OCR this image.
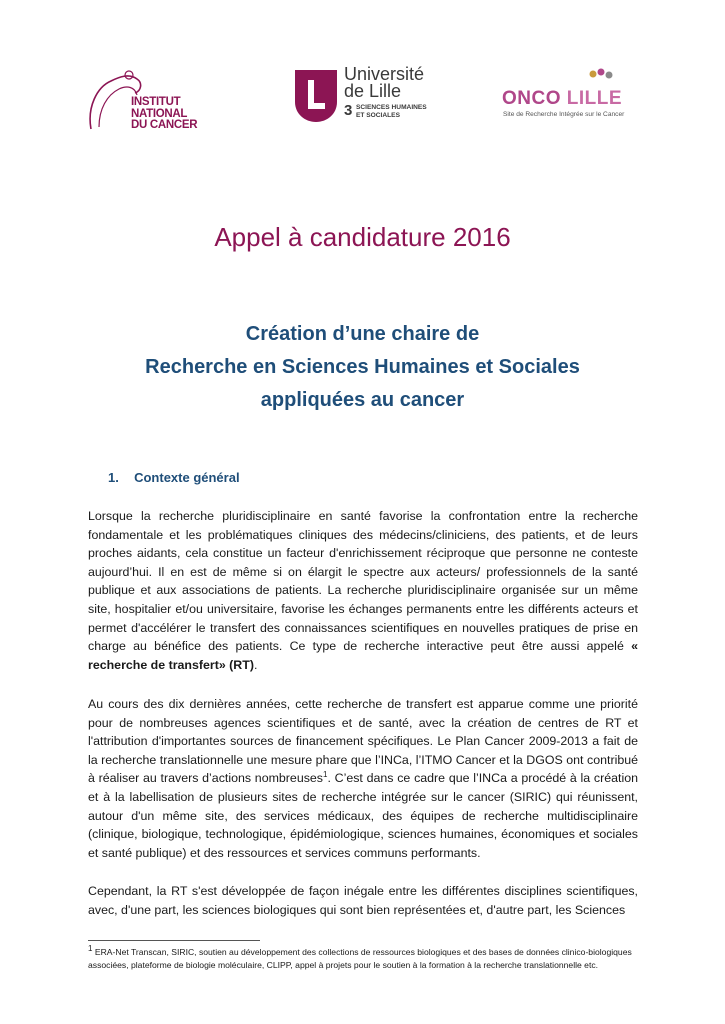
INSTITUT
NATIONAL
DU CANCER
Université
de Lille
3 SCIENCES HUMAINES
ET SOCIALES
ONCO LILLE
Site de Recherche Intégrée sur le Cancer
Appel à candidature 2016
Création d’une chaire de
Recherche en Sciences Humaines et Sociales
appliquées au cancer
1. Contexte général
Lorsque la recherche pluridisciplinaire en santé favorise la confrontation entre la recherche fondamentale et les problématiques cliniques des médecins/cliniciens, des patients, et de leurs proches aidants, cela constitue un facteur d'enrichissement réciproque que personne ne conteste aujourd’hui. Il en est de même si on élargit le spectre aux acteurs/ professionnels de la santé publique et aux associations de patients. La recherche pluridisciplinaire organisée sur un même site, hospitalier et/ou universitaire, favorise les échanges permanents entre les différents acteurs et permet d'accélérer le transfert des connaissances scientifiques en nouvelles pratiques de prise en charge au bénéfice des patients. Ce type de recherche interactive peut être aussi appelé « recherche de transfert» (RT).
Au cours des dix dernières années, cette recherche de transfert est apparue comme une priorité pour de nombreuses agences scientifiques et de santé, avec la création de centres de RT et l'attribution d'importantes sources de financement spécifiques. Le Plan Cancer 2009-2013 a fait de la recherche translationnelle une mesure phare que l’INCa, l’ITMO Cancer et la DGOS ont contribué à réaliser au travers d’actions nombreuses$^1$. C’est dans ce cadre que l’INCa a procédé à la création et à la labellisation de plusieurs sites de recherche intégrée sur le cancer (SIRIC) qui réunissent, autour d'un même site, des services médicaux, des équipes de recherche multidisciplinaire (clinique, biologique, technologique, épidémiologique, sciences humaines, économiques et sociales et santé publique) et des ressources et services communs performants.
Cependant, la RT s'est développée de façon inégale entre les différentes disciplines scientifiques, avec, d'une part, les sciences biologiques qui sont bien représentées et, d'autre part, les Sciences
$^1$ ERA-Net Transcan, SIRIC, soutien au développement des collections de ressources biologiques et des bases de données clinico-biologiques associées, plateforme de biologie moléculaire, CLIPP, appel à projets pour le soutien à la formation à la recherche translationnelle etc.
